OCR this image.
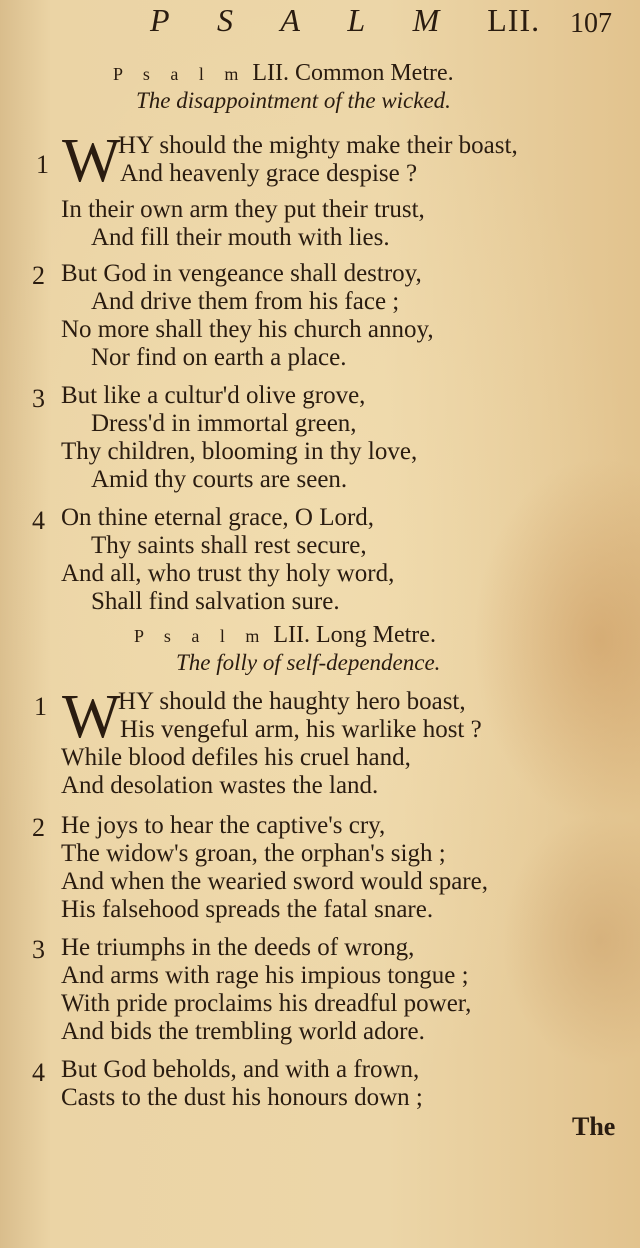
P S A L M LII. 107
P s a l m LII. Common Metre.
The disappointment of the wicked.
1 W
HY should the mighty make their boast,
And heavenly grace despise ?
In their own arm they put their trust,
And fill their mouth with lies.
2 But God in vengeance shall destroy,
And drive them from his face ;
No more shall they his church annoy,
Nor find on earth a place.
3 But like a cultur'd olive grove,
Dress'd in immortal green,
Thy children, blooming in thy love,
Amid thy courts are seen.
4 On thine eternal grace, O Lord,
Thy saints shall rest secure,
And all, who trust thy holy word,
Shall find salvation sure.
P s a l m LII. Long Metre.
The folly of self-dependence.
1 W
HY should the haughty hero boast,
His vengeful arm, his warlike host ?
While blood defiles his cruel hand,
And desolation wastes the land.
2 He joys to hear the captive's cry,
The widow's groan, the orphan's sigh ;
And when the wearied sword would spare,
His falsehood spreads the fatal snare.
3 He triumphs in the deeds of wrong,
And arms with rage his impious tongue ;
With pride proclaims his dreadful power,
And bids the trembling world adore.
4 But God beholds, and with a frown,
Casts to the dust his honours down ;
The
